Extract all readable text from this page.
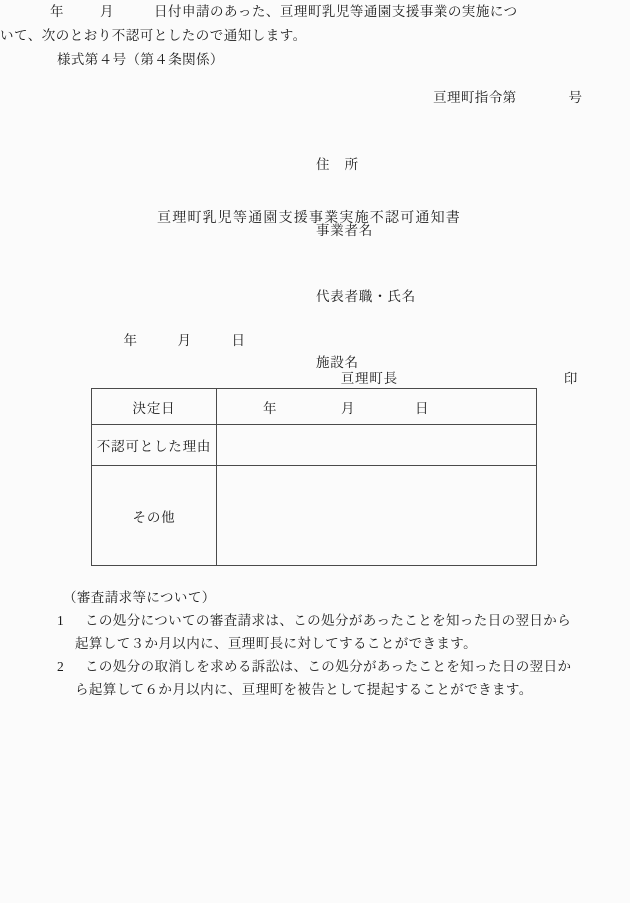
様式第４号（第４条関係）

亘理町指令第	号

住　所

事業者名

代表者職・氏名

施設名

亘理町乳児等通園支援事業実施不認可通知書
年	月	日付申請のあった、亘理町乳児等通園支援事業の実施について、次のとおり不認可としたので通知します。

年	月	日

亘理町長	印

決定日	年 月 日

不認可とした理由	
その他	
（審査請求等について）
1 この処分についての審査請求は、この処分があったことを知った日の翌日から
起算して３か月以内に、亘理町長に対してすることができます。
2 この処分の取消しを求める訴訟は、この処分があったことを知った日の翌日か
ら起算して６か月以内に、亘理町を被告として提起することができます。
